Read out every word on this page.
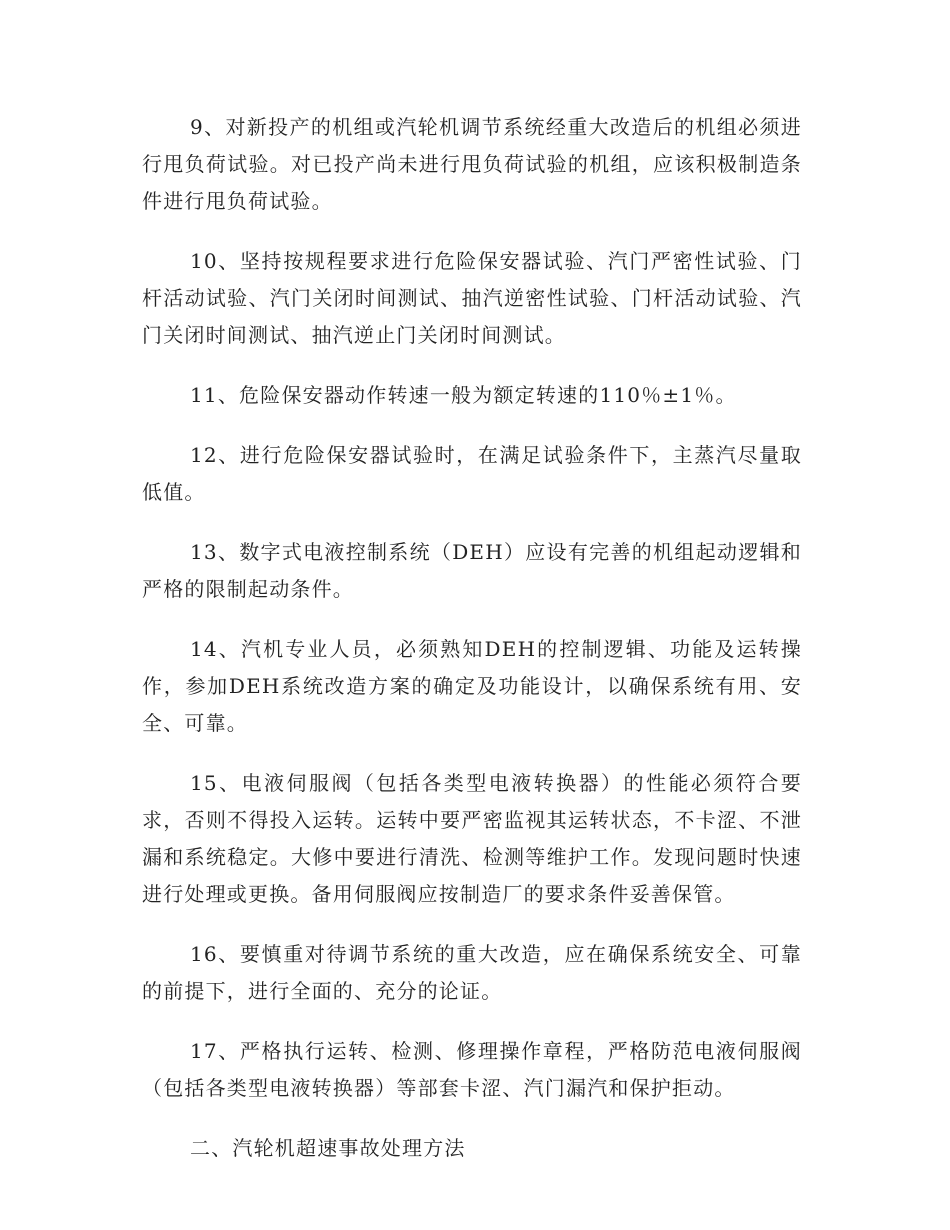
9、对新投产的机组或汽轮机调节系统经重大改造后的机组必须进行甩负荷试验。对已投产尚未进行甩负荷试验的机组，应该积极制造条件进行甩负荷试验。

10、坚持按规程要求进行危险保安器试验、汽门严密性试验、门杆活动试验、汽门关闭时间测试、抽汽逆密性试验、门杆活动试验、汽门关闭时间测试、抽汽逆止门关闭时间测试。

11、危险保安器动作转速一般为额定转速的110％±1％。

12、进行危险保安器试验时，在满足试验条件下，主蒸汽尽量取低值。

13、数字式电液控制系统（DEH）应设有完善的机组起动逻辑和严格的限制起动条件。

14、汽机专业人员，必须熟知DEH的控制逻辑、功能及运转操作，参加DEH系统改造方案的确定及功能设计，以确保系统有用、安全、可靠。

15、电液伺服阀（包括各类型电液转换器）的性能必须符合要求，否则不得投入运转。运转中要严密监视其运转状态，不卡涩、不泄漏和系统稳定。大修中要进行清洗、检测等维护工作。发现问题时快速进行处理或更换。备用伺服阀应按制造厂的要求条件妥善保管。

16、要慎重对待调节系统的重大改造，应在确保系统安全、可靠的前提下，进行全面的、充分的论证。

17、严格执行运转、检测、修理操作章程，严格防范电液伺服阀（包括各类型电液转换器）等部套卡涩、汽门漏汽和保护拒动。

二、汽轮机超速事故处理方法
